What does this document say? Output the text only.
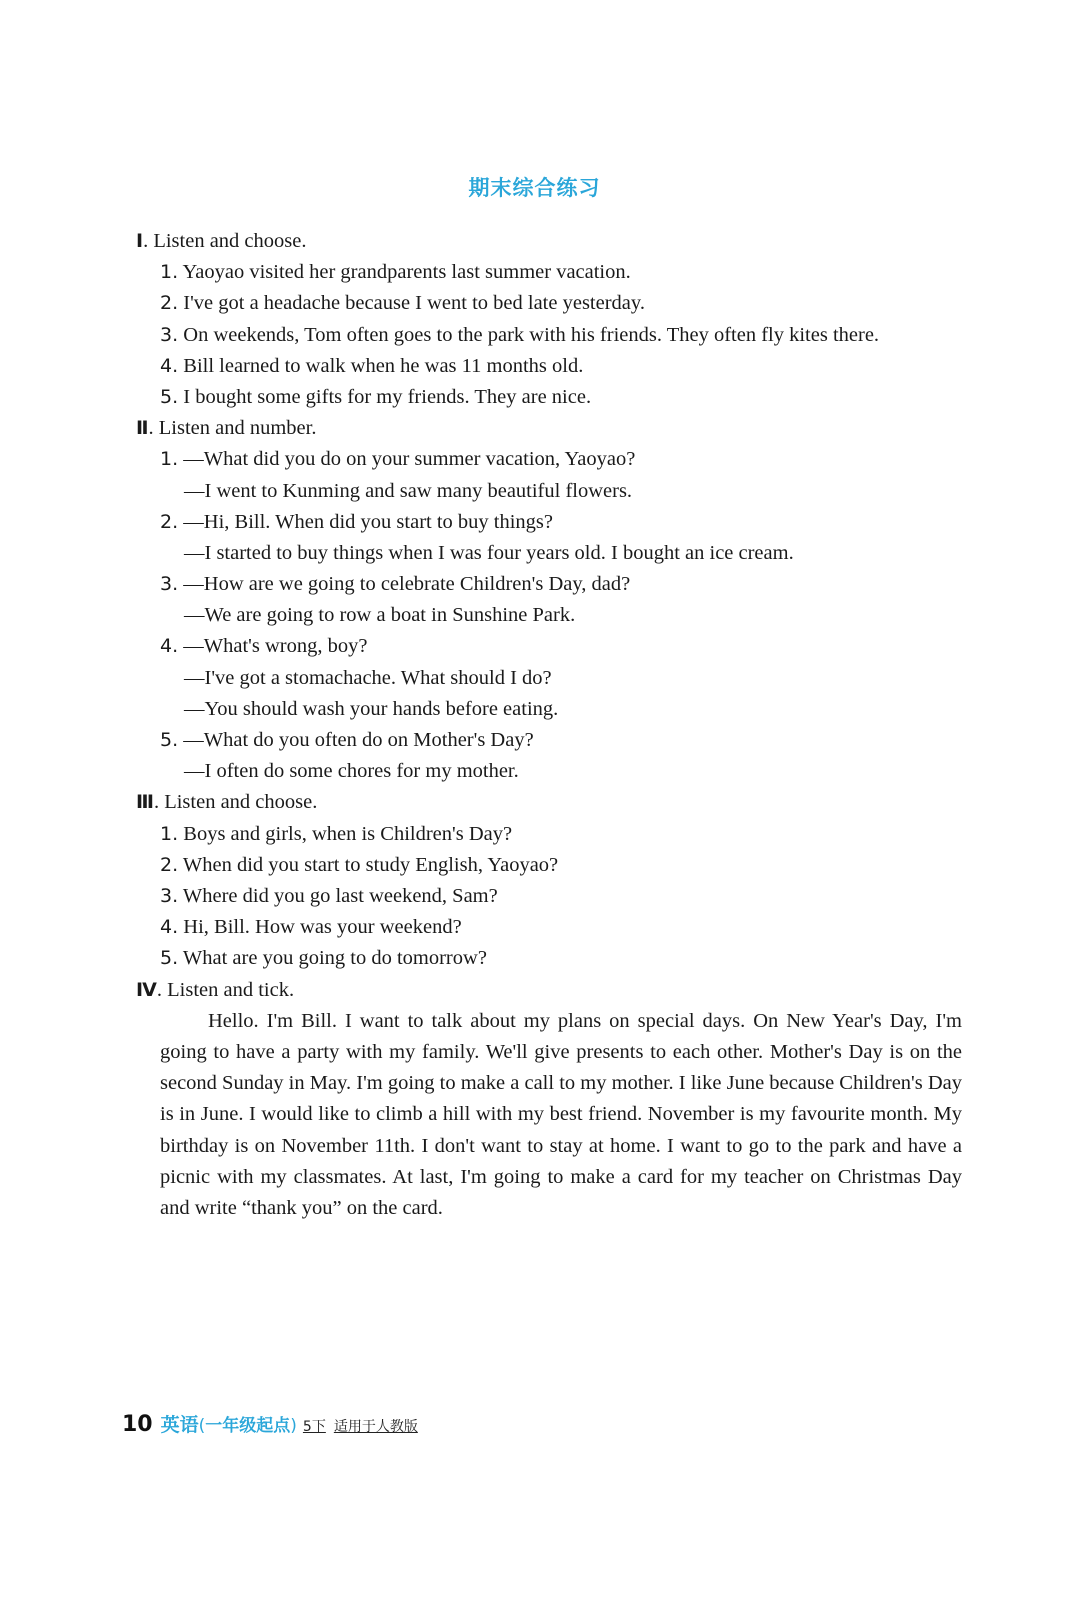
期末综合练习
Ⅰ. Listen and choose.
1. Yaoyao visited her grandparents last summer vacation.
2. I've got a headache because I went to bed late yesterday.
3. On weekends, Tom often goes to the park with his friends. They often fly kites there.
4. Bill learned to walk when he was 11 months old.
5. I bought some gifts for my friends. They are nice.
Ⅱ. Listen and number.
1. —What did you do on your summer vacation, Yaoyao?
—I went to Kunming and saw many beautiful flowers.
2. —Hi, Bill. When did you start to buy things?
—I started to buy things when I was four years old. I bought an ice cream.
3. —How are we going to celebrate Children's Day, dad?
—We are going to row a boat in Sunshine Park.
4. —What's wrong, boy?
—I've got a stomachache. What should I do?
—You should wash your hands before eating.
5. —What do you often do on Mother's Day?
—I often do some chores for my mother.
Ⅲ. Listen and choose.
1. Boys and girls, when is Children's Day?
2. When did you start to study English, Yaoyao?
3. Where did you go last weekend, Sam?
4. Hi, Bill. How was your weekend?
5. What are you going to do tomorrow?
Ⅳ. Listen and tick.

Hello. I'm Bill. I want to talk about my plans on special days. On New Year's Day, I'm going to have a party with my family. We'll give presents to each other. Mother's Day is on the second Sunday in May. I'm going to make a call to my mother. I like June because Children's Day is in June. I would like to climb a hill with my best friend. November is my favourite month. My birthday is on November 11th. I don't want to stay at home. I want to go to the park and have a picnic with my classmates. At last, I'm going to make a card for my teacher on Christmas Day and write “thank you” on the card.

10 英语(一年级起点) 5下 适用于人教版
